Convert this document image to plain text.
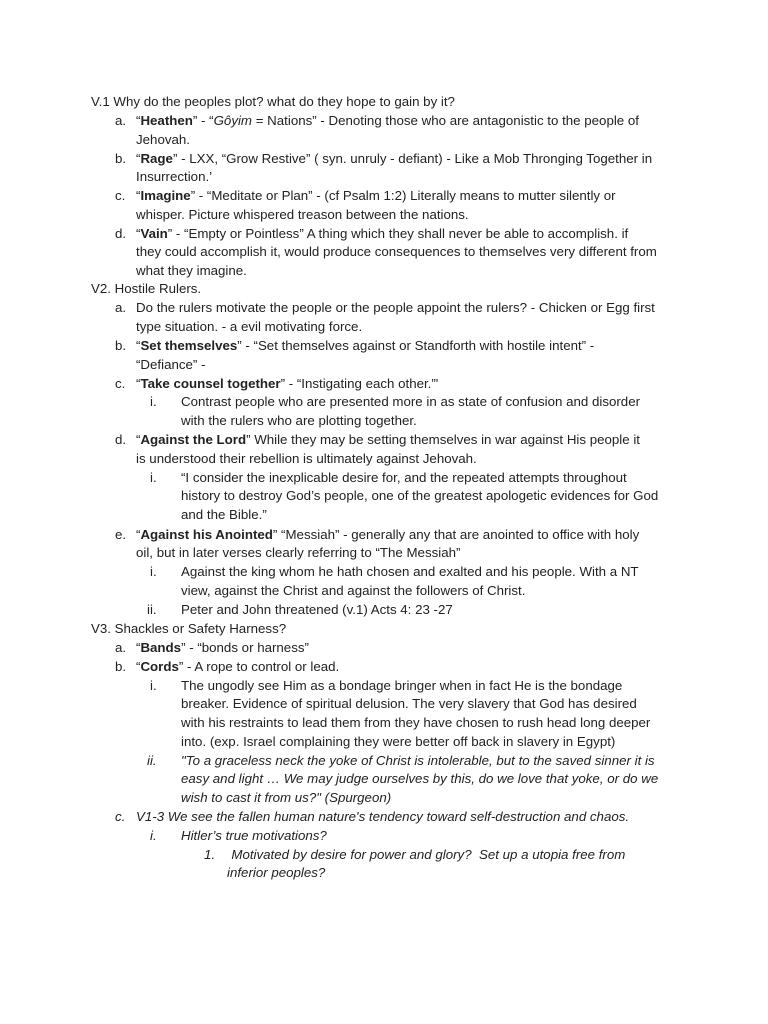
V.1 Why do the peoples plot? what do they hope to gain by it?
a. “Heathen” - “Gôyim = Nations” - Denoting those who are antagonistic to the people of
Jehovah.
b. “Rage” - LXX, “Grow Restive” ( syn. unruly - defiant) - Like a Mob Thronging Together in
Insurrection.’
c. “Imagine” - “Meditate or Plan” - (cf Psalm 1:2) Literally means to mutter silently or
whisper. Picture whispered treason between the nations.
d. “Vain” - “Empty or Pointless” A thing which they shall never be able to accomplish. if
they could accomplish it, would produce consequences to themselves very different from
what they imagine.
V2. Hostile Rulers.
a. Do the rulers motivate the people or the people appoint the rulers? - Chicken or Egg first
type situation. - a evil motivating force.
b. “Set themselves” - “Set themselves against or Standforth with hostile intent” -
“Defiance” -
c. “Take counsel together” - “Instigating each other.”'
i. Contrast people who are presented more in as state of confusion and disorder
with the rulers who are plotting together.
d. “Against the Lord” While they may be setting themselves in war against His people it
is understood their rebellion is ultimately against Jehovah.
i. “I consider the inexplicable desire for, and the repeated attempts throughout
history to destroy God’s people, one of the greatest apologetic evidences for God
and the Bible.”
e. “Against his Anointed” “Messiah” - generally any that are anointed to office with holy
oil, but in later verses clearly referring to “The Messiah”
i. Against the king whom he hath chosen and exalted and his people. With a NT
view, against the Christ and against the followers of Christ.
ii. Peter and John threatened (v.1) Acts 4: 23 -27
V3. Shackles or Safety Harness?
a. “Bands” - “bonds or harness”
b. “Cords” - A rope to control or lead.
i. The ungodly see Him as a bondage bringer when in fact He is the bondage
breaker. Evidence of spiritual delusion. The very slavery that God has desired
with his restraints to lead them from they have chosen to rush head long deeper
into. (exp. Israel complaining they were better off back in slavery in Egypt)
ii. "To a graceless neck the yoke of Christ is intolerable, but to the saved sinner it is
easy and light … We may judge ourselves by this, do we love that yoke, or do we
wish to cast it from us?" (Spurgeon)
c. V1-3 We see the fallen human nature's tendency toward self-destruction and chaos.
i. Hitler’s true motivations?
1. Motivated by desire for power and glory?  Set up a utopia free from
inferior peoples?
